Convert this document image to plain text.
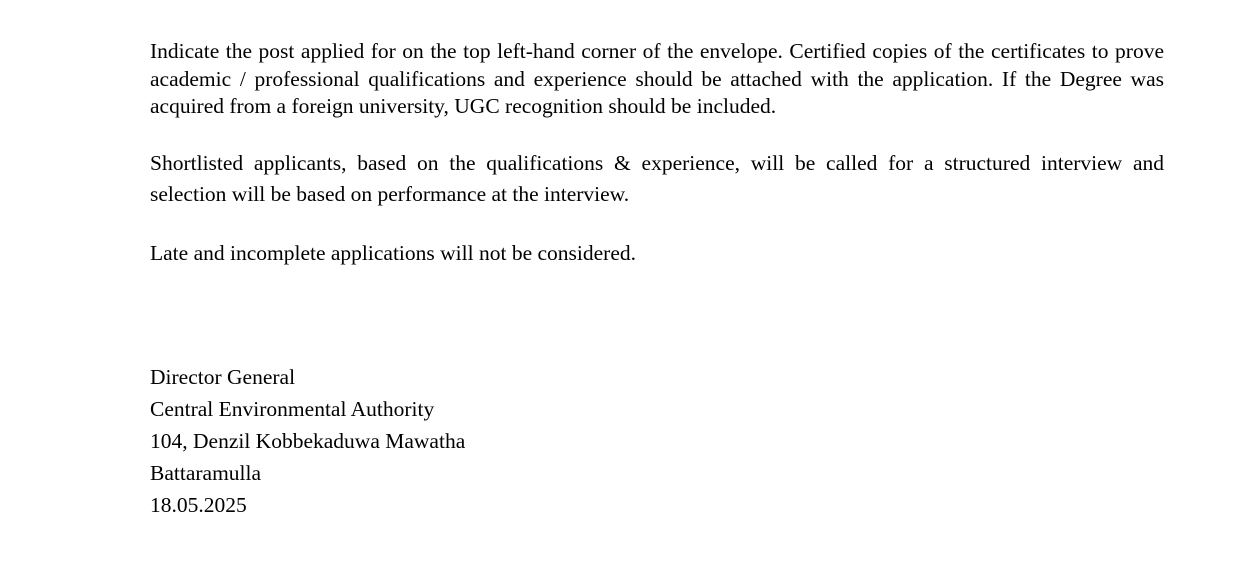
Indicate the post applied for on the top left-hand corner of the envelope. Certified copies of the certificates to prove academic / professional qualifications and experience should be attached with the application. If the Degree was acquired from a foreign university, UGC recognition should be included.

Shortlisted applicants, based on the qualifications & experience, will be called for a structured interview and selection will be based on performance at the interview.

Late and incomplete applications will not be considered.

Director General
Central Environmental Authority
104, Denzil Kobbekaduwa Mawatha
Battaramulla
18.05.2025
